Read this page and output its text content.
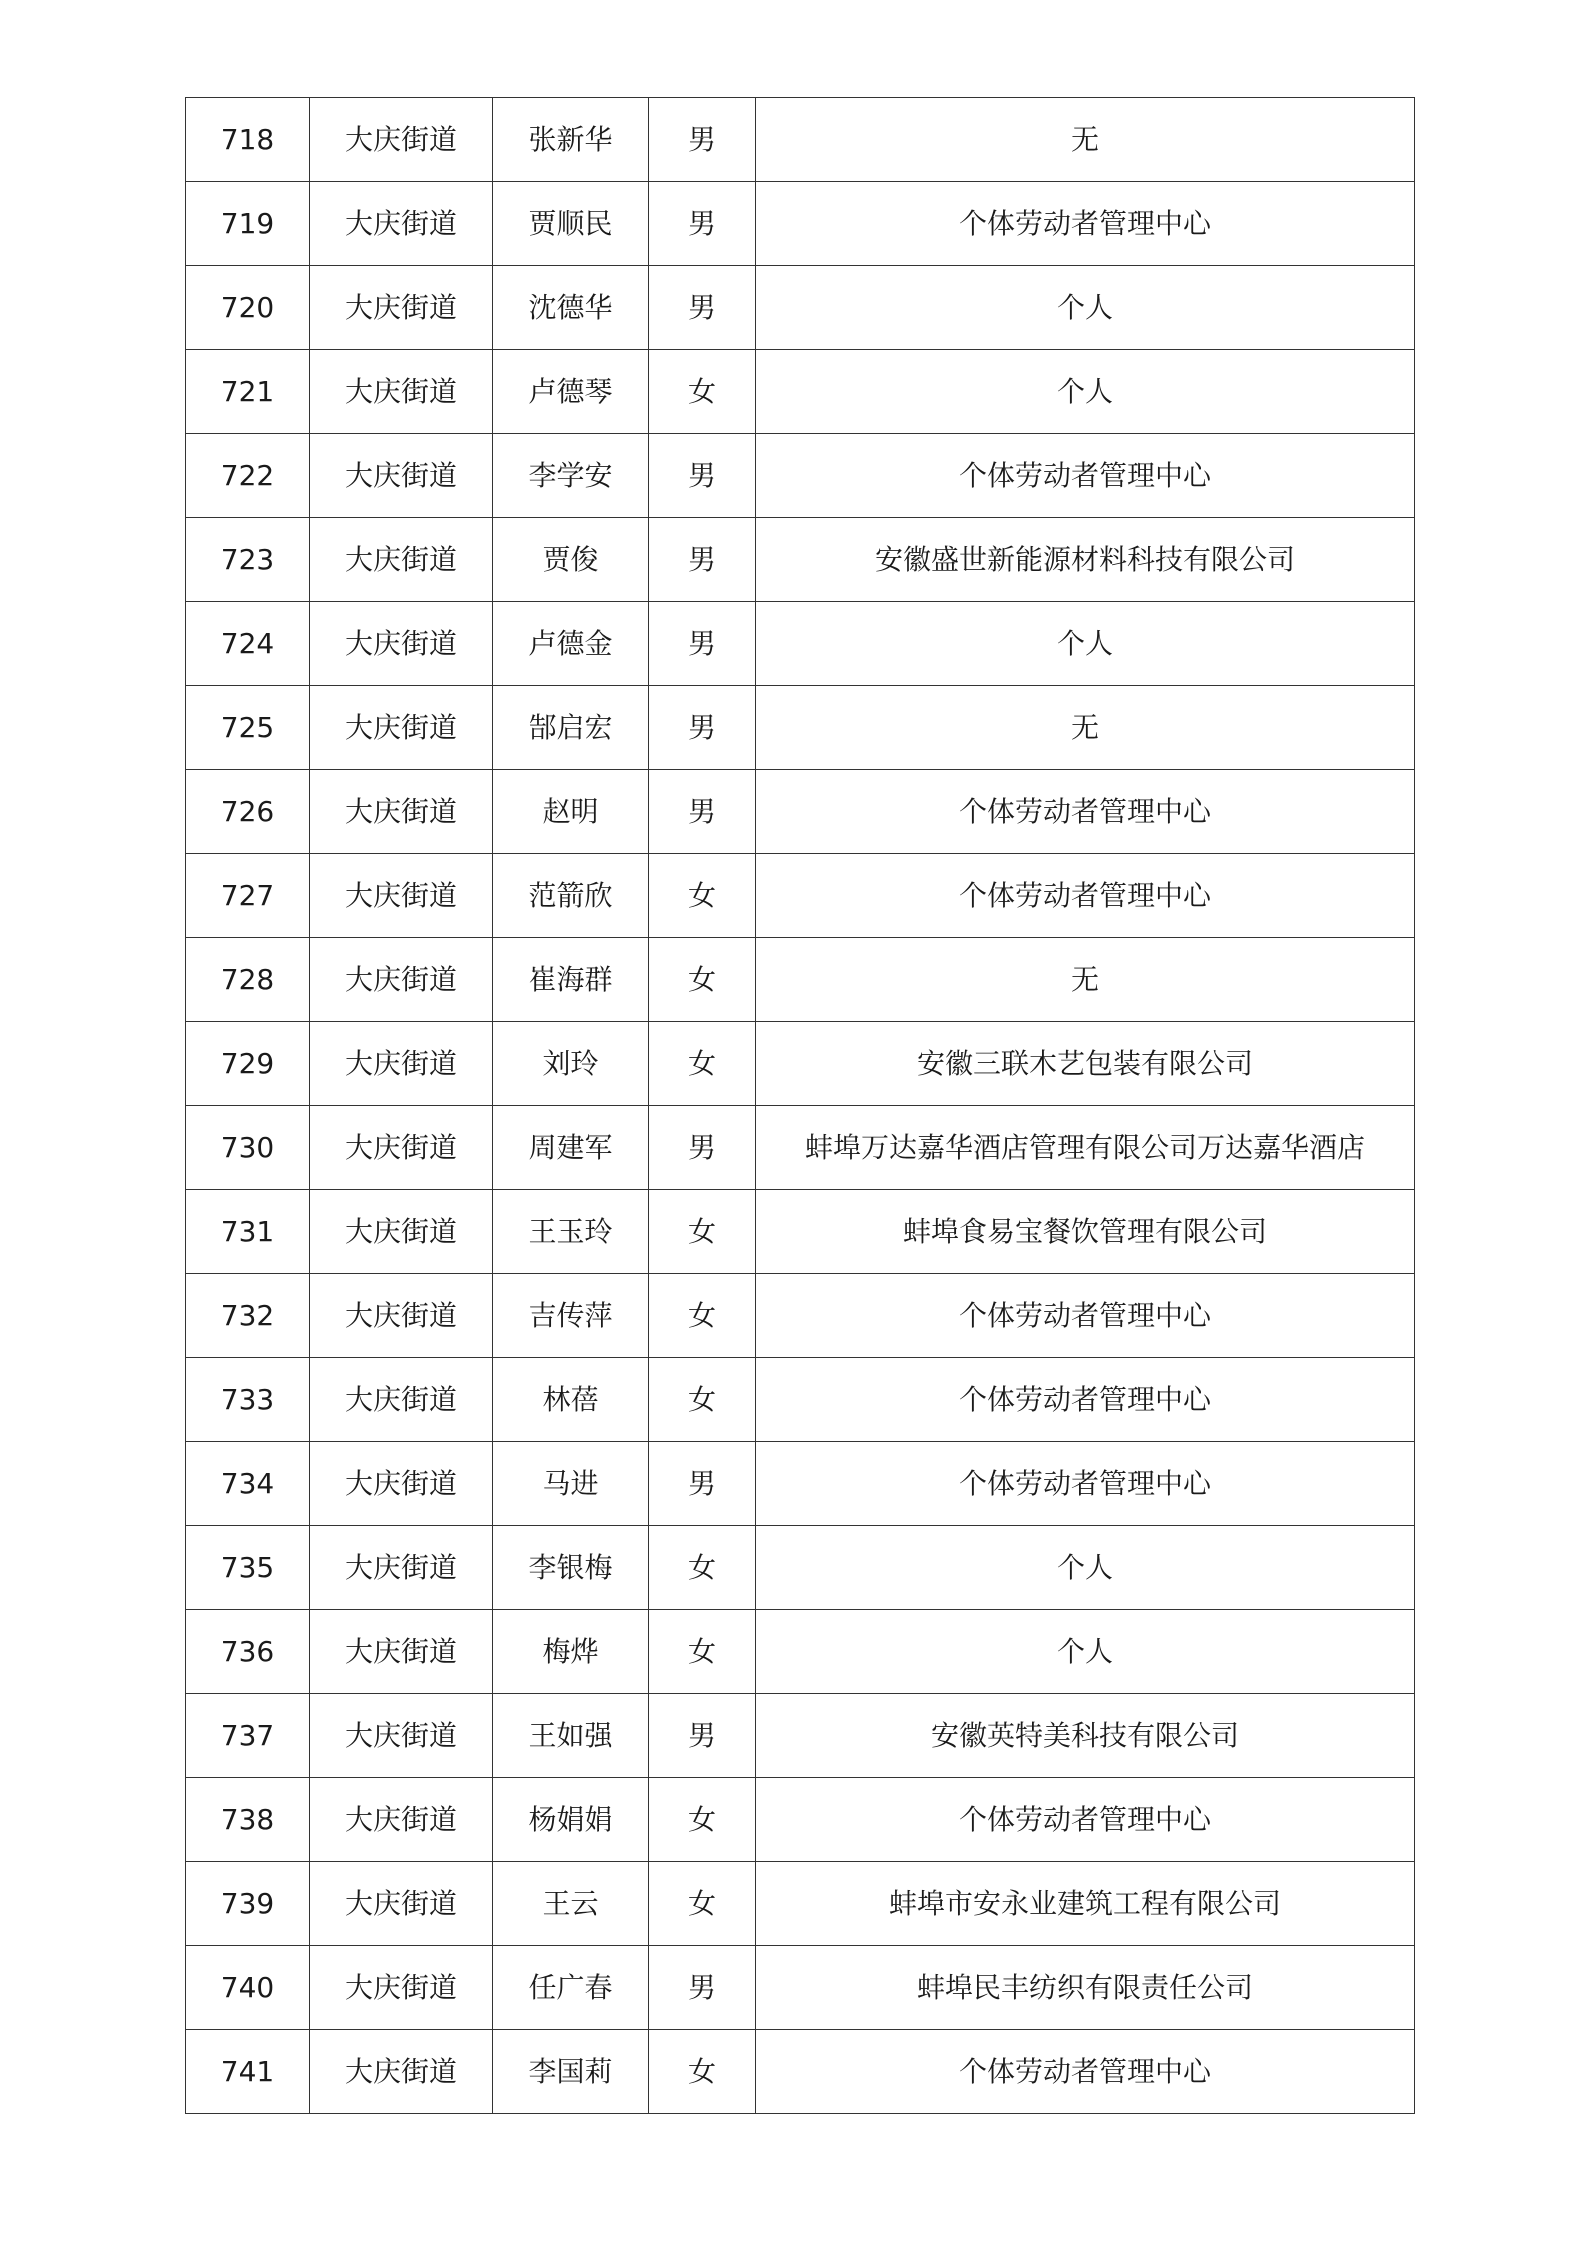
718	大庆街道	张新华	男	无
719	大庆街道	贾顺民	男	个体劳动者管理中心
720	大庆街道	沈德华	男	个人
721	大庆街道	卢德琴	女	个人
722	大庆街道	李学安	男	个体劳动者管理中心
723	大庆街道	贾俊	男	安徽盛世新能源材料科技有限公司
724	大庆街道	卢德金	男	个人
725	大庆街道	郜启宏	男	无
726	大庆街道	赵明	男	个体劳动者管理中心
727	大庆街道	范箭欣	女	个体劳动者管理中心
728	大庆街道	崔海群	女	无
729	大庆街道	刘玲	女	安徽三联木艺包装有限公司
730	大庆街道	周建军	男	蚌埠万达嘉华酒店管理有限公司万达嘉华酒店
731	大庆街道	王玉玲	女	蚌埠食易宝餐饮管理有限公司
732	大庆街道	吉传萍	女	个体劳动者管理中心
733	大庆街道	林蓓	女	个体劳动者管理中心
734	大庆街道	马进	男	个体劳动者管理中心
735	大庆街道	李银梅	女	个人
736	大庆街道	梅烨	女	个人
737	大庆街道	王如强	男	安徽英特美科技有限公司
738	大庆街道	杨娟娟	女	个体劳动者管理中心
739	大庆街道	王云	女	蚌埠市安永业建筑工程有限公司
740	大庆街道	任广春	男	蚌埠民丰纺织有限责任公司
741	大庆街道	李国莉	女	个体劳动者管理中心
